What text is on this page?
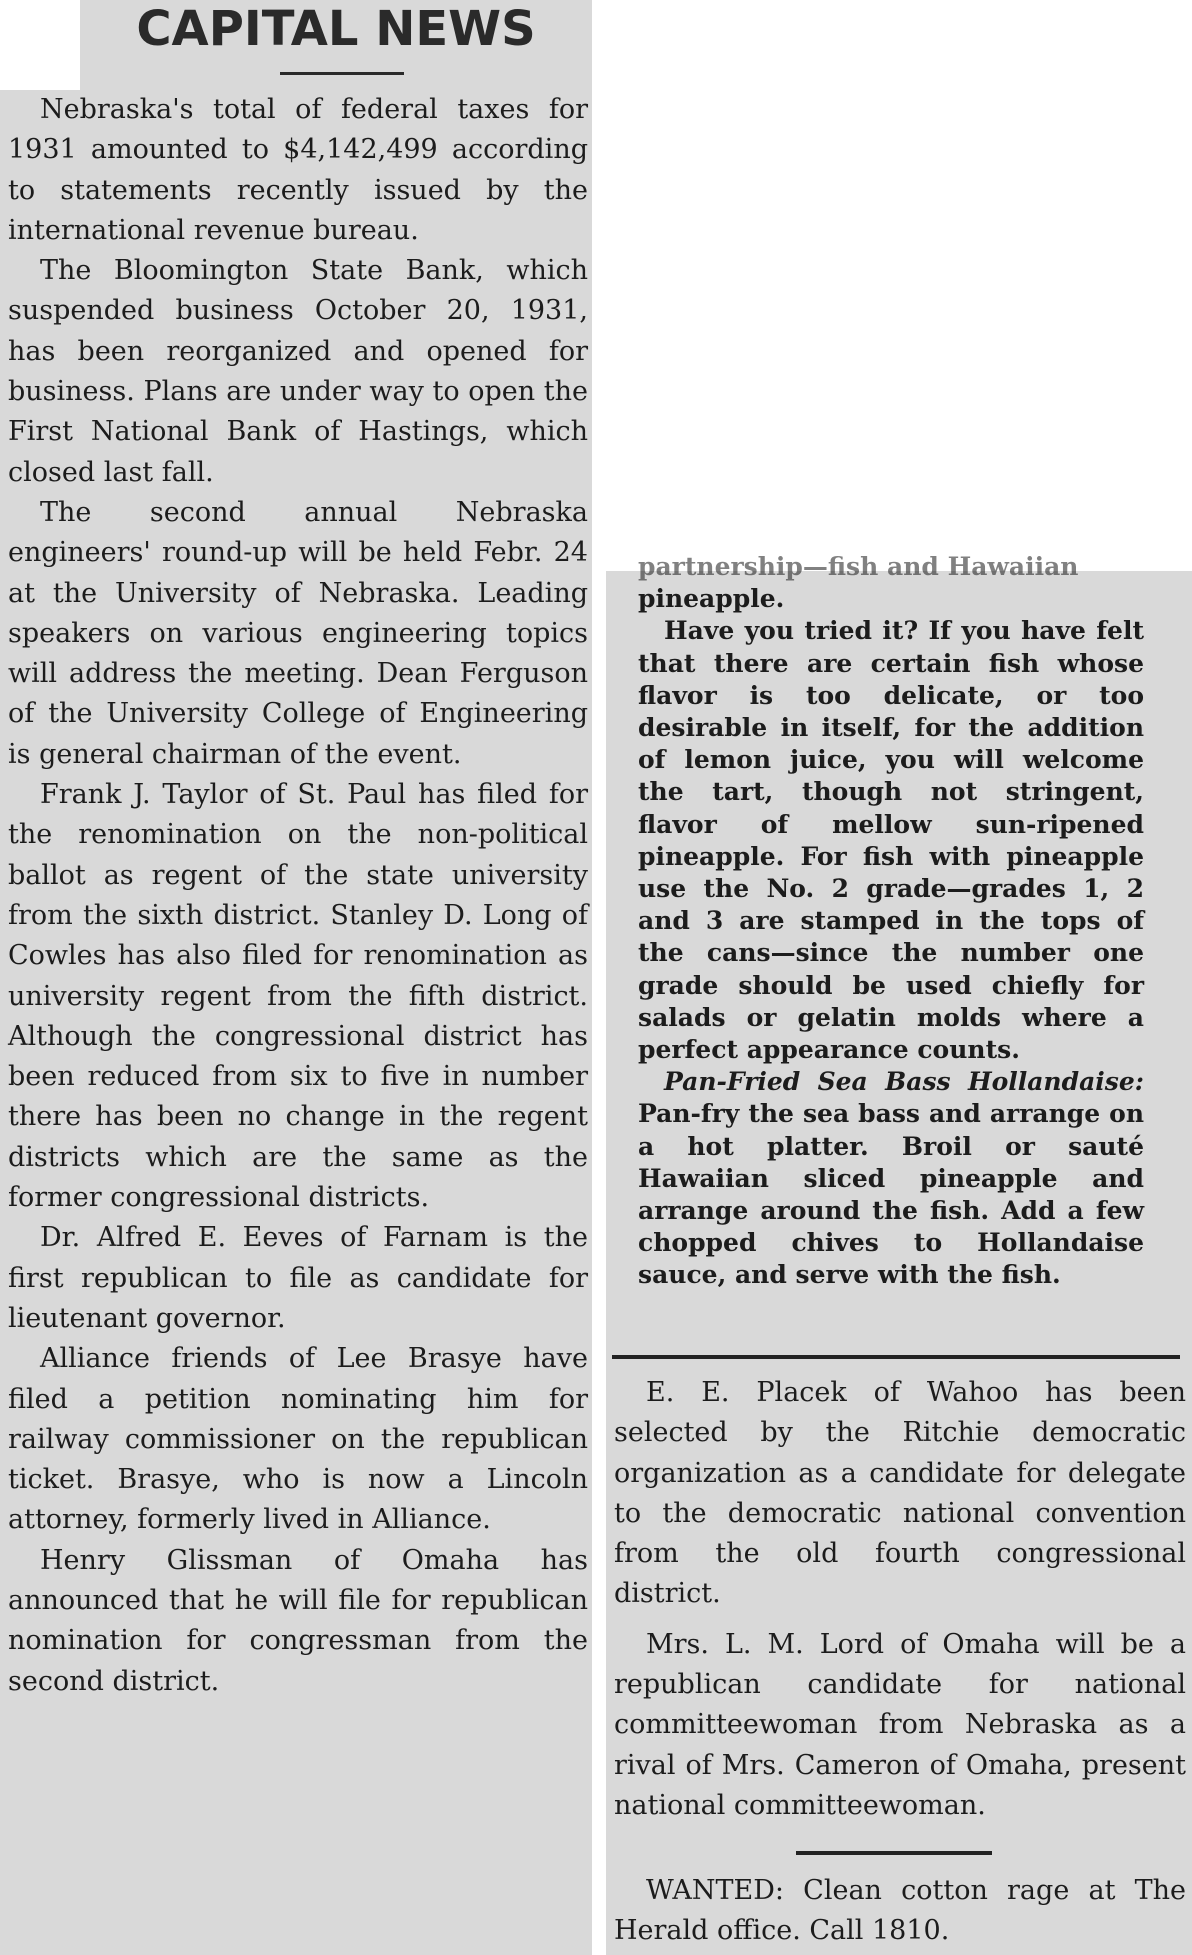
CAPITAL NEWS

Nebraska's total of federal taxes for 1931 amounted to $4,142,499 according to statements recently issued by the international revenue bureau.

The Bloomington State Bank, which suspended business October 20, 1931, has been reorganized and opened for business. Plans are under way to open the First National Bank of Hastings, which closed last fall.

The second annual Nebraska engineers' round-up will be held Febr. 24 at the University of Nebraska. Leading speakers on various engineering topics will address the meeting. Dean Ferguson of the University College of Engineering is general chairman of the event.

Frank J. Taylor of St. Paul has filed for the renomination on the non-political ballot as regent of the state university from the sixth district. Stanley D. Long of Cowles has also filed for renomination as university regent from the fifth district. Although the congressional district has been reduced from six to five in number there has been no change in the regent districts which are the same as the former congressional districts.

Dr. Alfred E. Eeves of Farnam is the first republican to file as candidate for lieutenant governor.

Alliance friends of Lee Brasye have filed a petition nominating him for railway commissioner on the republican ticket. Brasye, who is now a Lincoln attorney, formerly lived in Alliance.

Henry Glissman of Omaha has announced that he will file for republican nomination for congressman from the second district.

partnership—fish and Hawaiian

pineapple.

Have you tried it? If you have felt that there are certain fish whose flavor is too delicate, or too desirable in itself, for the addition of lemon juice, you will welcome the tart, though not stringent, flavor of mellow sun-ripened pineapple. For fish with pineapple use the No. 2 grade—grades 1, 2 and 3 are stamped in the tops of the cans—since the number one grade should be used chiefly for salads or gelatin molds where a perfect appearance counts.

Pan-Fried Sea Bass Hollandaise: Pan-fry the sea bass and arrange on a hot platter. Broil or sauté Hawaiian sliced pineapple and arrange around the fish. Add a few chopped chives to Hollandaise sauce, and serve with the fish.

E. E. Placek of Wahoo has been selected by the Ritchie democratic organization as a candidate for delegate to the democratic national convention from the old fourth congressional district.

Mrs. L. M. Lord of Omaha will be a republican candidate for national committeewoman from Nebraska as a rival of Mrs. Cameron of Omaha, present national committeewoman.

WANTED: Clean cotton rage at The Herald office. Call 1810.
